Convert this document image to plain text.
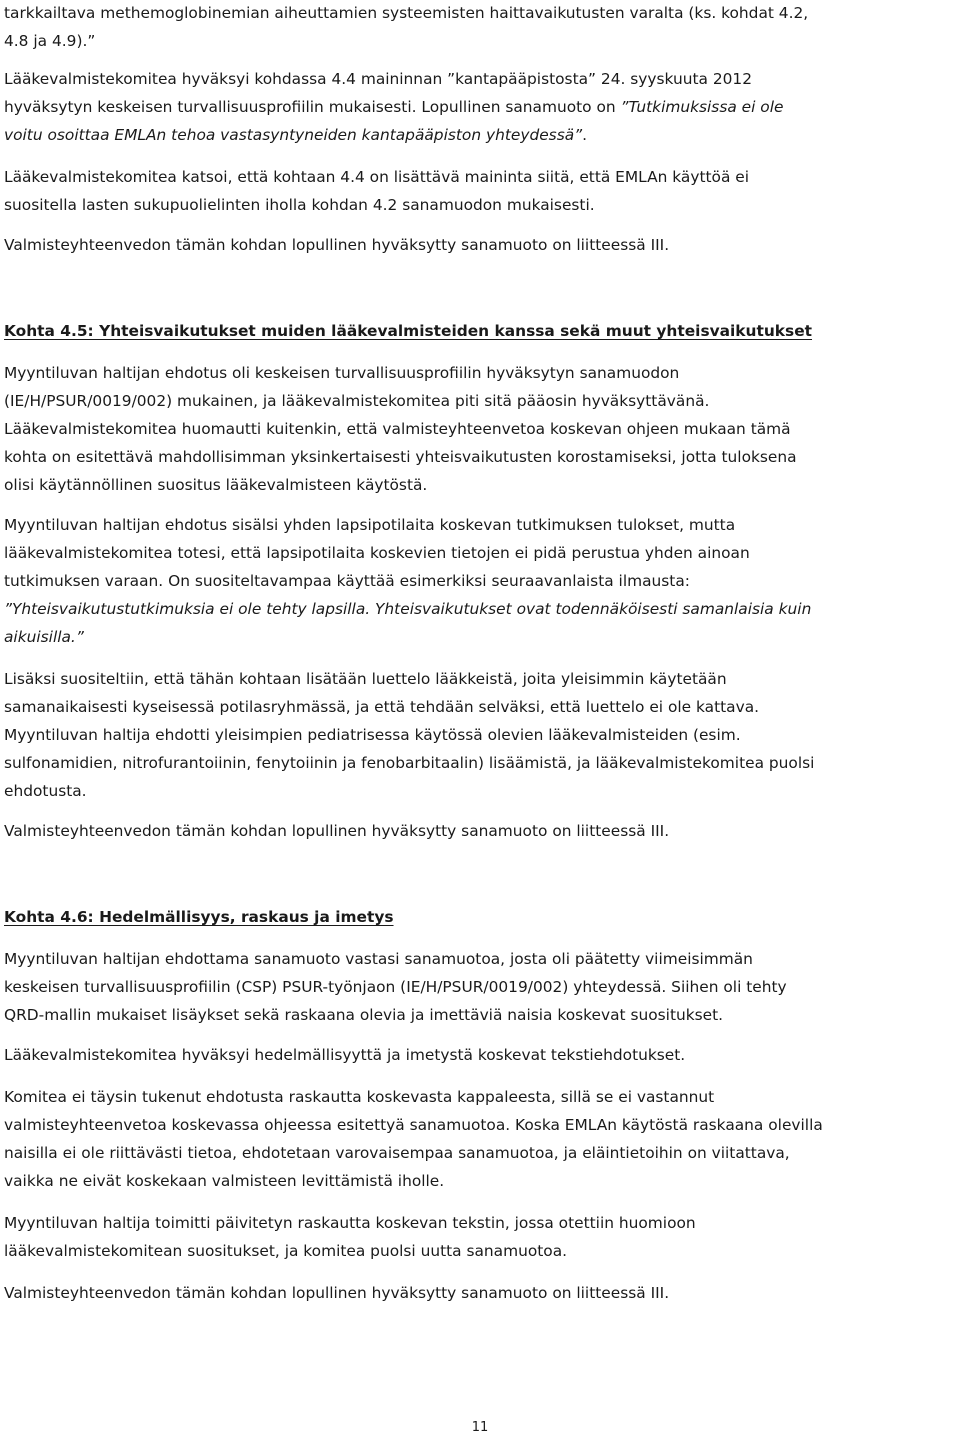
tarkkailtava methemoglobinemian aiheuttamien systeemisten haittavaikutusten varalta (ks. kohdat 4.2,
4.8 ja 4.9).”
Lääkevalmistekomitea hyväksyi kohdassa 4.4 maininnan ”kantapääpistosta” 24. syyskuuta 2012
hyväksytyn keskeisen turvallisuusprofiilin mukaisesti. Lopullinen sanamuoto on ”Tutkimuksissa ei ole
voitu osoittaa EMLAn tehoa vastasyntyneiden kantapääpiston yhteydessä”.
Lääkevalmistekomitea katsoi, että kohtaan 4.4 on lisättävä maininta siitä, että EMLAn käyttöä ei
suositella lasten sukupuolielinten iholla kohdan 4.2 sanamuodon mukaisesti.
Valmisteyhteenvedon tämän kohdan lopullinen hyväksytty sanamuoto on liitteessä III.
Kohta 4.5: Yhteisvaikutukset muiden lääkevalmisteiden kanssa sekä muut yhteisvaikutukset
Myyntiluvan haltijan ehdotus oli keskeisen turvallisuusprofiilin hyväksytyn sanamuodon
(IE/H/PSUR/0019/002) mukainen, ja lääkevalmistekomitea piti sitä pääosin hyväksyttävänä.
Lääkevalmistekomitea huomautti kuitenkin, että valmisteyhteenvetoa koskevan ohjeen mukaan tämä
kohta on esitettävä mahdollisimman yksinkertaisesti yhteisvaikutusten korostamiseksi, jotta tuloksena
olisi käytännöllinen suositus lääkevalmisteen käytöstä.
Myyntiluvan haltijan ehdotus sisälsi yhden lapsipotilaita koskevan tutkimuksen tulokset, mutta
lääkevalmistekomitea totesi, että lapsipotilaita koskevien tietojen ei pidä perustua yhden ainoan
tutkimuksen varaan. On suositeltavampaa käyttää esimerkiksi seuraavanlaista ilmausta:
”Yhteisvaikutustutkimuksia ei ole tehty lapsilla. Yhteisvaikutukset ovat todennäköisesti samanlaisia kuin
aikuisilla.”
Lisäksi suositeltiin, että tähän kohtaan lisätään luettelo lääkkeistä, joita yleisimmin käytetään
samanaikaisesti kyseisessä potilasryhmässä, ja että tehdään selväksi, että luettelo ei ole kattava.
Myyntiluvan haltija ehdotti yleisimpien pediatrisessa käytössä olevien lääkevalmisteiden (esim.
sulfonamidien, nitrofurantoiinin, fenytoiinin ja fenobarbitaalin) lisäämistä, ja lääkevalmistekomitea puolsi
ehdotusta.
Valmisteyhteenvedon tämän kohdan lopullinen hyväksytty sanamuoto on liitteessä III.
Kohta 4.6: Hedelmällisyys, raskaus ja imetys
Myyntiluvan haltijan ehdottama sanamuoto vastasi sanamuotoa, josta oli päätetty viimeisimmän
keskeisen turvallisuusprofiilin (CSP) PSUR-työnjaon (IE/H/PSUR/0019/002) yhteydessä. Siihen oli tehty
QRD-mallin mukaiset lisäykset sekä raskaana olevia ja imettäviä naisia koskevat suositukset.
Lääkevalmistekomitea hyväksyi hedelmällisyyttä ja imetystä koskevat tekstiehdotukset.
Komitea ei täysin tukenut ehdotusta raskautta koskevasta kappaleesta, sillä se ei vastannut
valmisteyhteenvetoa koskevassa ohjeessa esitettyä sanamuotoa. Koska EMLAn käytöstä raskaana olevilla
naisilla ei ole riittävästi tietoa, ehdotetaan varovaisempaa sanamuotoa, ja eläintietoihin on viitattava,
vaikka ne eivät koskekaan valmisteen levittämistä iholle.
Myyntiluvan haltija toimitti päivitetyn raskautta koskevan tekstin, jossa otettiin huomioon
lääkevalmistekomitean suositukset, ja komitea puolsi uutta sanamuotoa.
Valmisteyhteenvedon tämän kohdan lopullinen hyväksytty sanamuoto on liitteessä III.
11
